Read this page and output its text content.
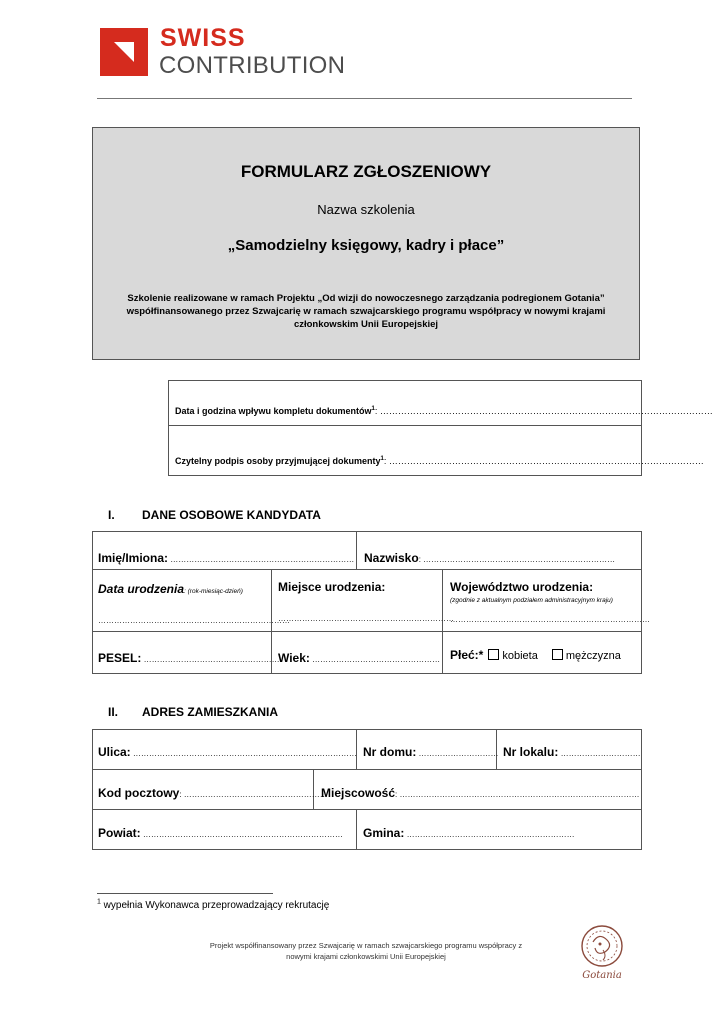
SWISS
CONTRIBUTION
FORMULARZ ZGŁOSZENIOWY
Nazwa szkolenia
„Samodzielny księgowy, kadry i płace”
Szkolenie realizowane w ramach Projektu „Od wizji do nowoczesnego zarządzania podregionem Gotania” współfinansowanego przez Szwajcarię w ramach szwajcarskiego programu współpracy w nowymi krajami członkowskim Unii Europejskiej
Data i godzina wpływu kompletu dokumentów$^1$: …………………………………………………………………………………………………
Czytelny podpis osoby przyjmującej dokumenty$^1$: ……………………………………………………………………………………………
I. DANE OSOBOWE KANDYDATA
Imię/Imiona: …………………………………………………………… Nazwisko: ………………………………………………………………
Data urodzenia: (rok-miesiąc-dzień)
………………………………………………………………
Miejsce urodzenia:
…………………………………………………………
Województwo urodzenia:
(zgodnie z aktualnym podziałem administracyjnym kraju)
…………………………………………………………………
PESEL: ……………………………………………
Wiek: ………………………………………… Płeć:* kobieta	mężczyzna
II. ADRES ZAMIESZKANIA
Ulica: ………………………………………………………………………… Nr domu: ………………………… Nr lokalu: …………………………
Kod pocztowy: ………………………………………………
Miejscowość: ………………………………………………………………………………
Powiat: ………………………………………………………………… Gmina: ………………………………………………………
$^1$ wypełnia Wykonawca przeprowadzający rekrutację
Projekt współfinansowany przez Szwajcarię w ramach szwajcarskiego programu współpracy z nowymi krajami członkowskimi Unii Europejskiej
Gotania
